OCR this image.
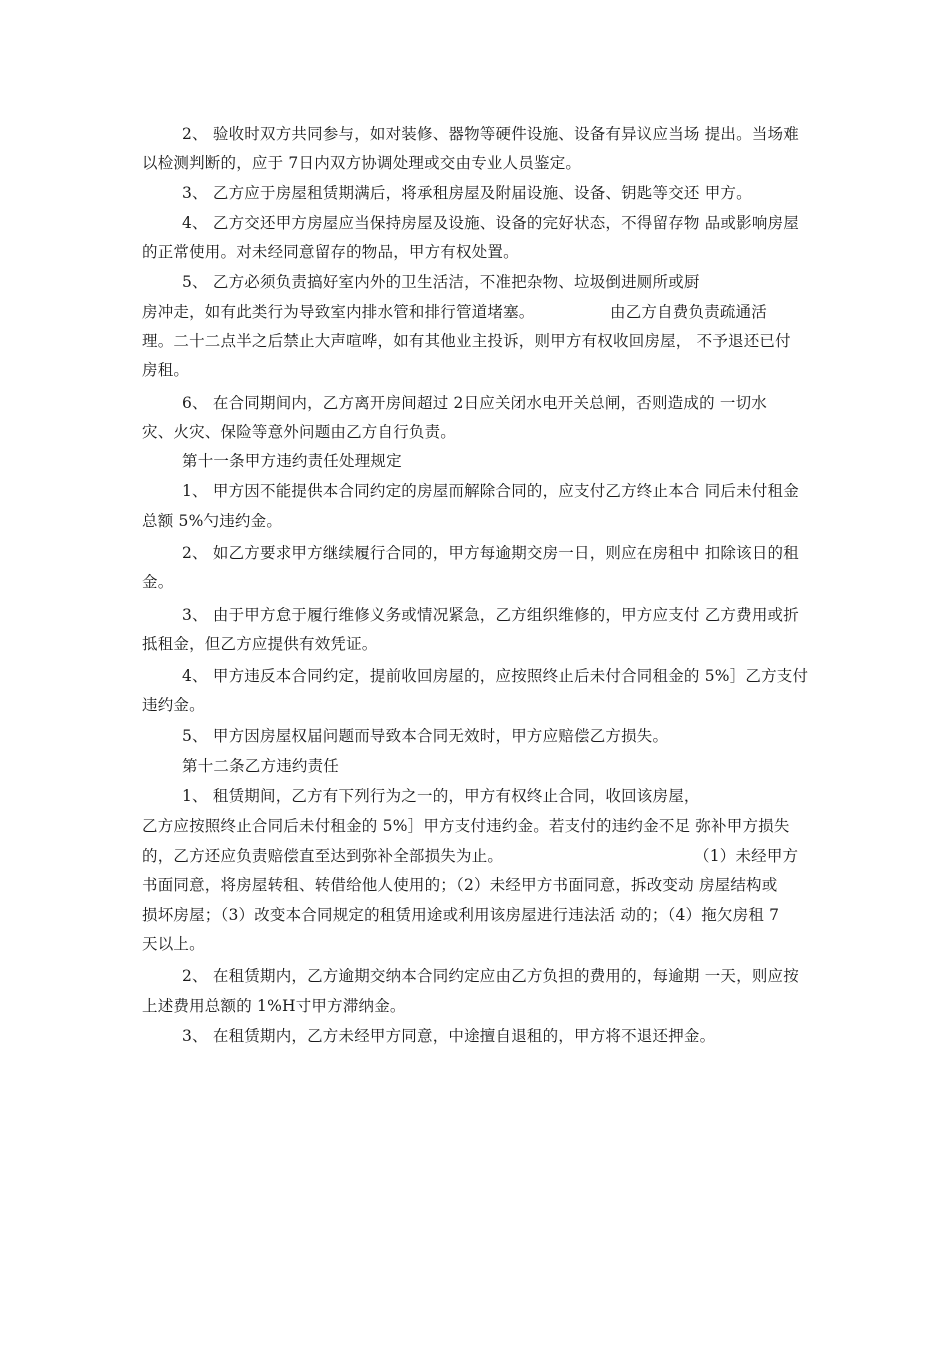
2、 验收时双方共同参与，如对装修、器物等硬件设施、设备有异议应当场 提出。当场难
以检测判断的，应于 7日内双方协调处理或交由专业人员鉴定。
3、 乙方应于房屋租赁期满后，将承租房屋及附届设施、设备、钥匙等交还 甲方。
4、 乙方交还甲方房屋应当保持房屋及设施、设备的完好状态，不得留存物 品或影响房屋
的正常使用。对未经同意留存的物品，甲方有权处置。
5、 乙方必须负责搞好室内外的卫生活洁，不准把杂物、垃圾倒进厕所或厨
房冲走，如有此类行为导致室内排水管和排行管道堵塞。	由乙方自费负责疏通活
理。二十二点半之后禁止大声喧哗，如有其他业主投诉，则甲方有权收回房屋， 不予退还已付
房租。
6、 在合同期间内，乙方离开房间超过 2日应关闭水电开关总闸，否则造成的 一切水
灾、火灾、保险等意外问题由乙方自行负责。
第十一条甲方违约责任处理规定
1、 甲方因不能提供本合同约定的房屋而解除合同的，应支付乙方终止本合 同后未付租金
总额 5%勺违约金。
2、 如乙方要求甲方继续履行合同的，甲方每逾期交房一日，则应在房租中 扣除该日的租
金。
3、 由于甲方怠于履行维修义务或情况紧急，乙方组织维修的，甲方应支付 乙方费用或折
抵租金，但乙方应提供有效凭证。
4、 甲方违反本合同约定，提前收回房屋的，应按照终止后未付合同租金的 5%］乙方支付
违约金。
5、 甲方因房屋权届问题而导致本合同无效时，甲方应赔偿乙方损失。
第十二条乙方违约责任
1、 租赁期间，乙方有下列行为之一的，甲方有权终止合同，收回该房屋，
乙方应按照终止合同后未付租金的 5%］甲方支付违约金。若支付的违约金不足 弥补甲方损失
的，乙方还应负责赔偿直至达到弥补全部损失为止。	（1）未经甲方
书面同意，将房屋转租、转借给他人使用的；（2）未经甲方书面同意，拆改变动 房屋结构或
损坏房屋；（3）改变本合同规定的租赁用途或利用该房屋进行违法活 动的；（4）拖欠房租 7
天以上。
2、 在租赁期内，乙方逾期交纳本合同约定应由乙方负担的费用的，每逾期 一天，则应按
上述费用总额的 1%H寸甲方滞纳金。
3、 在租赁期内，乙方未经甲方同意，中途擅自退租的，甲方将不退还押金。
